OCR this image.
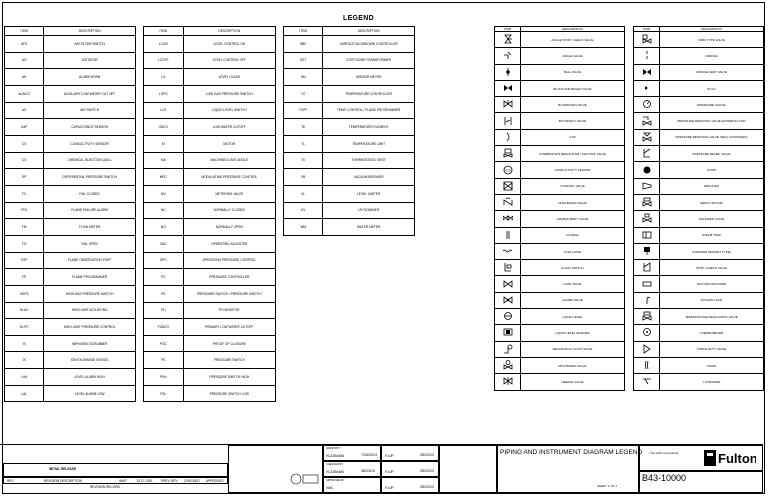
LEGEND
ITEM	DESCRIPTION
AFS	AIR FILTER SWITCH
AG	AGITATOR
AH	ALARM HORN
ALWCO	AUXILIARY LOW WATER CUT OFF
AS	AIR SWITCH
CAP	CAPACITANCE SENSOR
CS	CONDUCTIVITY SENSOR
CS	CHEMICAL INJECTION QUILL
DP	DIFFERENTIAL PRESSURE SWITCH
FC	FAIL CLOSED
FFA	FLAME FAILURE ALARM
FM	FLOW METER
FO	FAIL OPEN
FOP	FLAME OBSERVATION PORT
FP	FLAME PROGRAMMER
HGPS	HIGH GAS PRESSURE SWITCH
HLAC	HIGH LIMIT ADJUSTING
HLPC	HIGH LIMIT PRESSURE CONTROL
IS	IMPINGING SCRUBBER
IX	ION EXCHANGE VESSEL
LAH	LEVEL ALARM HIGH
LAL	LEVEL ALARM LOW
ITEM	DESCRIPTION
LCON	LEVEL CONTROL ON
LCOFF	LEVEL CONTROL OFF
LG	LEVEL GLASS
LGPS	LOW GAS PRESSURE SWITCH
LLS	LIQUID LEVEL SWITCH
LWCO	LOW WATER CUTOFF
M	MOTOR
MA	MACHINED LIMIT ANGLE
MPC	MODULATING PRESSURE CONTROL
MV	METERING VALVE
NC	NORMALLY CLOSED
NO	NORMALLY OPEN
OAC	OPERATING ADJUSTER
OPC	OPERATING PRESSURE CONTROL
PC	PRESSURE CONTROLLER
PS	PRESSURE SWITCH / PRESSURE SWITCH
PH	PH MONITOR
PLWCO	PRIMARY LOW WATER CUTOFF
POC	PROOF OF CLOSURE
PS	PRESSURE SWITCH
PSH	PRESSURE SWITCH HIGH
PSL	PRESSURE SWITCH LOW
ITEM	DESCRIPTION
SBC	SURFACE BLOWDOWN CONTROLLER
SST	STEP DOWN TRANSFORMER
SM	SENSOR METER
TC	TEMPERATURE CONTROLLER
TCPF	TEMP. CONTROL / FLAME PROGRAMMER
TE	TEMPERATURE ELEMENT
TL	TEMPERATURE LIMIT
TV	THERMOSTATIC VENT
VB	VACUUM BREAKER
VL	LEVEL LIMITER
UV	UV SCANNER
WM	WATER METER
ITEM	DESCRIPTION

	ANGLE STOP / CHECK VALVE

	ANGLE VALVE

	BALL VALVE

	BLOCK AND BLEED VALVE

	BLOWDOWN VALVE

	BUTTERFLY VALVE

	CAP

	COMBINATION REGULATOR / SHUTOFF VALVE

CS	CONDUCTIVITY SENSOR

	CONTROL VALVE

	DIAPHRAGM VALVE

	DOUBLE BODY VALVE

	FLANGE

	FLEX HOSE

	FLOAT SWITCH

	GATE VALVE

	GLOBE VALVE

	LIQUID LEVEL

	LIQUID LEVEL DRAINER

	MECHANICAL FLOAT VALVE

	MOTORIZED VALVE

	NEEDLE VALVE
ITEM	DESCRIPTION

	ORIFI TYPE VALVE

	ORIFICE

	ORIFICE VENT VALVE

	PLUG

	PRESSURE GAUGE

	PRESSURE REDUCING VALVE (EXTERNAL TAP)

	PRESSURE REDUCING VALVE (SELF-CONTAINED)

	PRESSURE RELIEF VALVE

	PUMP

	REDUCER

	SERVO MOTOR

	SOLENOID VALVE

	STEAM TRAP

	STRAINER (BASKET TYPE)

	STOP / CHECK VALVE

	SUCTION DIFFUSER

	SYPHON LOOP

	TEMPERATURE REGULATING VALVE

	THERMOMETER

	TRIPLE DUTY VALVE

	UNION

	Y-STRAINER
-	INITIAL RELEASE
REV	REVISION DESCRIPTION	INAP	ECO / DEL	PREV. REV CHECKED APPROVED
REVISION RECORD
DRAWN BY
N.ZAMAN	7/26/2013
CHECKED BY
N.ZAMAN	08/23/13
APPROVED BY
N/A
F.UP.	08/23/13
F.UP.	08/23/13
F.UP.	08/23/13
The Fulton Companies
PIPING AND INSTRUMENT DIAGRAM LEGEND
B43-10000
SHEET 1 OF 1
Fulton
